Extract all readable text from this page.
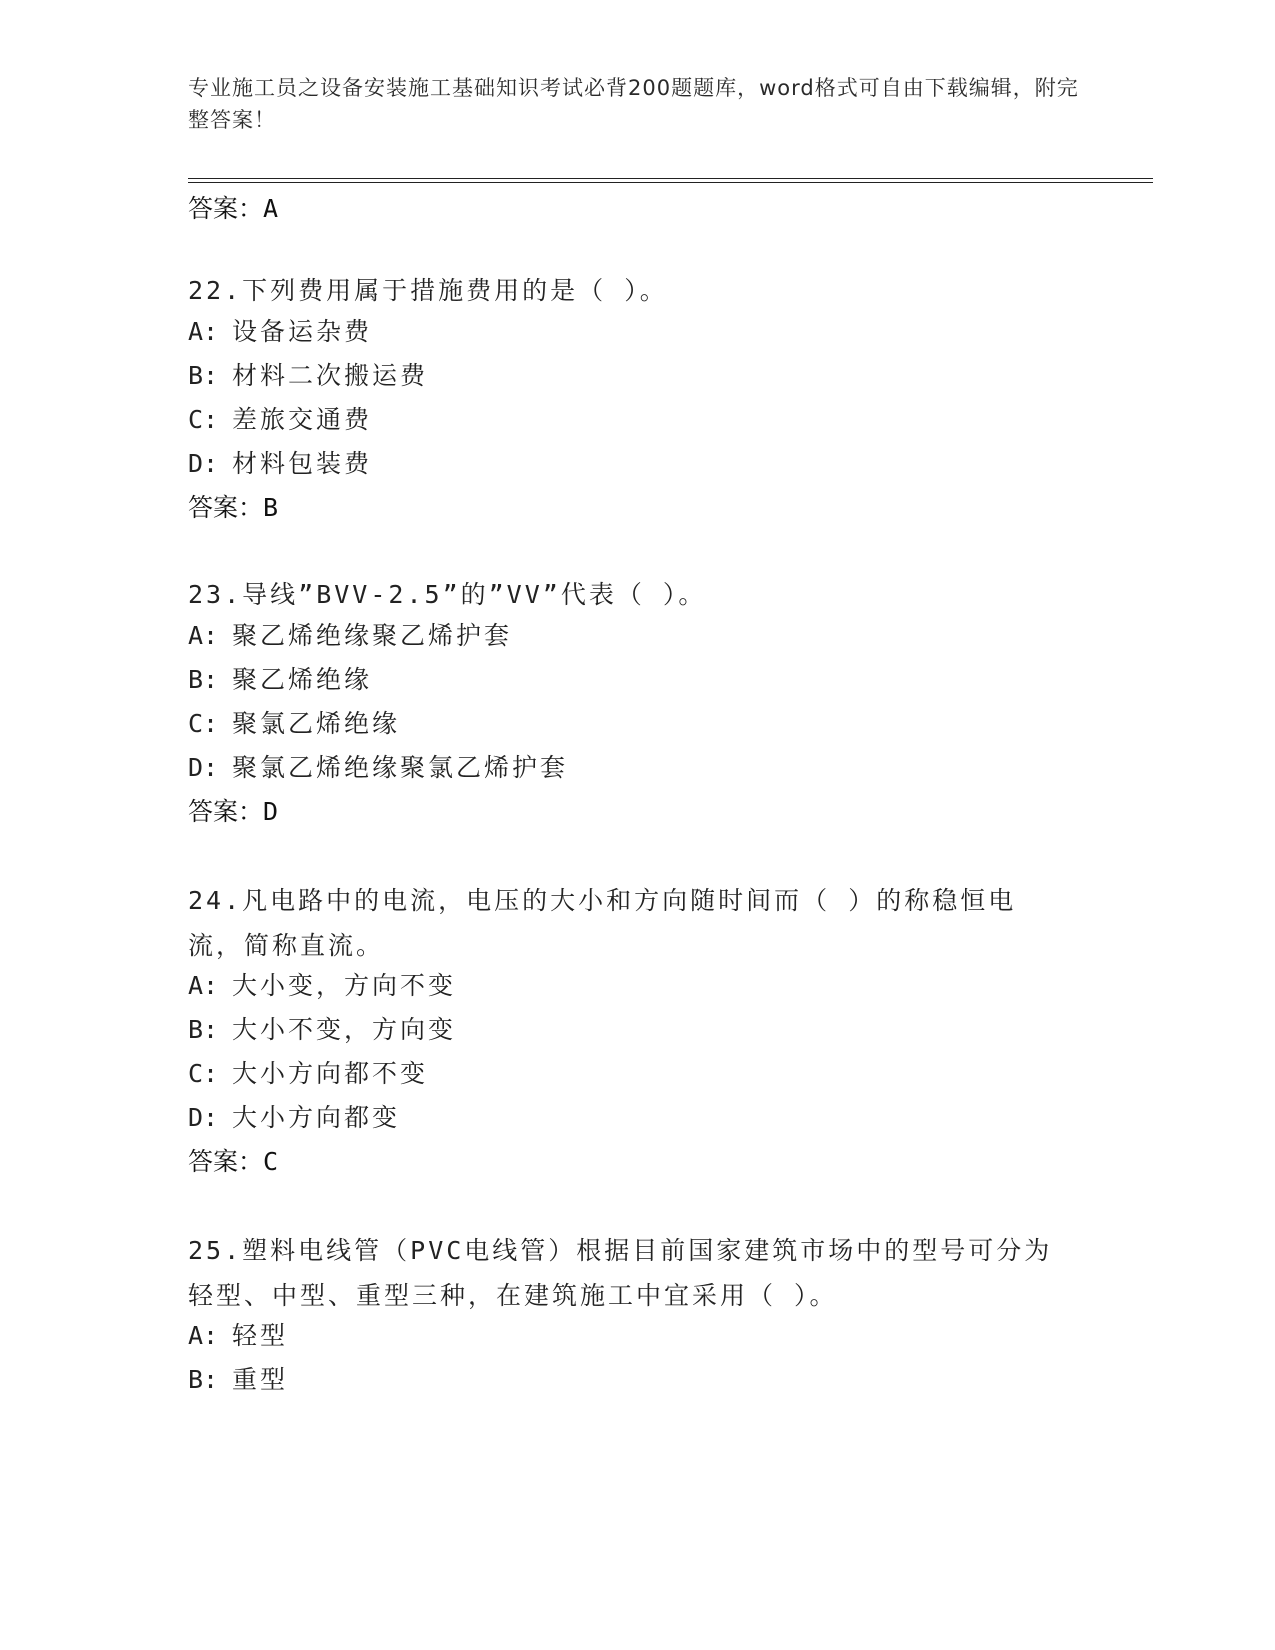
专业施工员之设备安装施工基础知识考试必背200题题库，word格式可自由下载编辑，附完整答案！
答案：A
22.下列费用属于措施费用的是（ ）。
A: 设备运杂费
B: 材料二次搬运费
C: 差旅交通费
D: 材料包装费
答案：B
23.导线”BVV-2.5”的”VV”代表（ ）。
A: 聚乙烯绝缘聚乙烯护套
B: 聚乙烯绝缘
C: 聚氯乙烯绝缘
D: 聚氯乙烯绝缘聚氯乙烯护套
答案：D
24.凡电路中的电流，电压的大小和方向随时间而（ ）的称稳恒电流，简称直流。
A: 大小变，方向不变
B: 大小不变，方向变
C: 大小方向都不变
D: 大小方向都变
答案：C
25.塑料电线管（PVC电线管）根据目前国家建筑市场中的型号可分为轻型、中型、重型三种，在建筑施工中宜采用（ ）。
A: 轻型
B: 重型
